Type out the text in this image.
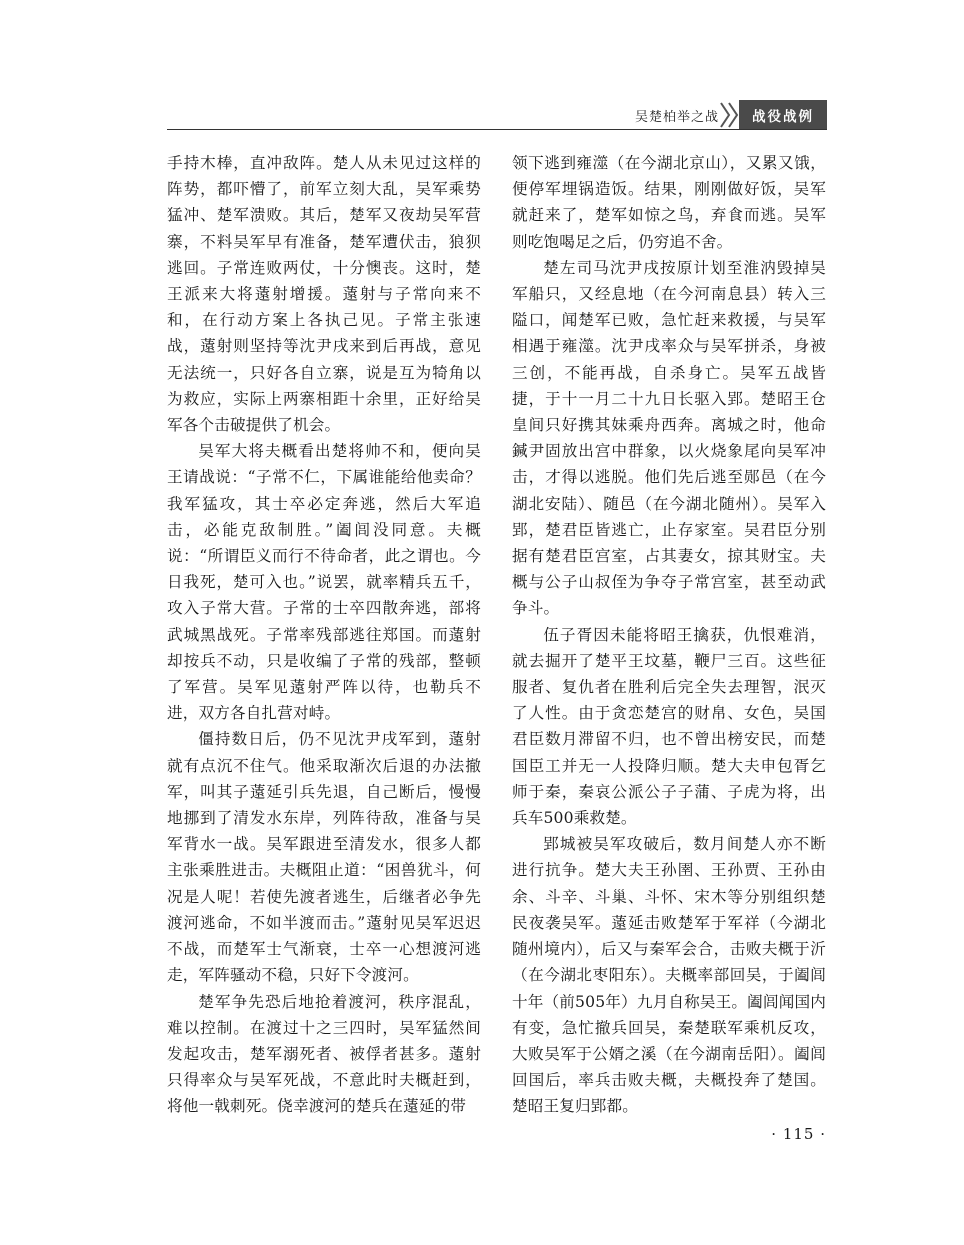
吴楚柏举之战	战役战例

手持木棒，直冲敌阵。楚人从未见过这样的阵势，都吓懵了，前军立刻大乱，吴军乘势猛冲、楚军溃败。其后，楚军又夜劫吴军营寨，不料吴军早有准备，楚军遭伏击，狼狈逃回。子常连败两仗，十分懊丧。这时，楚王派来大将薳射增援。薳射与子常向来不和，在行动方案上各执己见。子常主张速战，薳射则坚持等沈尹戌来到后再战，意见无法统一，只好各自立寨，说是互为犄角以为救应，实际上两寨相距十余里，正好给吴军各个击破提供了机会。

吴军大将夫概看出楚将帅不和，便向吴王请战说：“子常不仁，下属谁能给他卖命？我军猛攻，其士卒必定奔逃，然后大军追击，必能克敌制胜。”阖闾没同意。夫概说：“所谓臣义而行不待命者，此之谓也。今日我死，楚可入也。”说罢，就率精兵五千，攻入子常大营。子常的士卒四散奔逃，部将武城黑战死。子常率残部逃往郑国。而薳射却按兵不动，只是收编了子常的残部，整顿了军营。吴军见薳射严阵以待，也勒兵不进，双方各自扎营对峙。

僵持数日后，仍不见沈尹戌军到，薳射就有点沉不住气。他采取渐次后退的办法撤军，叫其子薳延引兵先退，自己断后，慢慢地挪到了清发水东岸，列阵待敌，准备与吴军背水一战。吴军跟进至清发水，很多人都主张乘胜进击。夫概阻止道：“困兽犹斗，何况是人呢！若使先渡者逃生，后继者必争先渡河逃命，不如半渡而击。”薳射见吴军迟迟不战，而楚军士气渐衰，士卒一心想渡河逃走，军阵骚动不稳，只好下令渡河。

楚军争先恐后地抢着渡河，秩序混乱，难以控制。在渡过十之三四时，吴军猛然间发起攻击，楚军溺死者、被俘者甚多。薳射只得率众与吴军死战，不意此时夫概赶到，将他一戟刺死。侥幸渡河的楚兵在薳延的带

领下逃到雍澨（在今湖北京山），又累又饿，便停军埋锅造饭。结果，刚刚做好饭，吴军就赶来了，楚军如惊之鸟，弃食而逃。吴军则吃饱喝足之后，仍穷追不舍。

楚左司马沈尹戌按原计划至淮汭毁掉吴军船只，又经息地（在今河南息县）转入三隘口，闻楚军已败，急忙赶来救援，与吴军相遇于雍澨。沈尹戌率众与吴军拼杀，身被三创，不能再战，自杀身亡。吴军五战皆捷，于十一月二十九日长驱入郢。楚昭王仓皇间只好携其妹乘舟西奔。离城之时，他命鍼尹固放出宫中群象，以火烧象尾向吴军冲击，才得以逃脱。他们先后逃至郧邑（在今湖北安陆）、随邑（在今湖北随州）。吴军入郢，楚君臣皆逃亡，止存家室。吴君臣分别据有楚君臣宫室，占其妻女，掠其财宝。夫概与公子山叔侄为争夺子常宫室，甚至动武争斗。

伍子胥因未能将昭王擒获，仇恨难消，就去掘开了楚平王坟墓，鞭尸三百。这些征服者、复仇者在胜利后完全失去理智，泯灭了人性。由于贪恋楚宫的财帛、女色，吴国君臣数月滞留不归，也不曾出榜安民，而楚国臣工并无一人投降归顺。楚大夫申包胥乞师于秦，秦哀公派公子子蒲、子虎为将，出兵车500乘救楚。

郢城被吴军攻破后，数月间楚人亦不断进行抗争。楚大夫王孙圉、王孙贾、王孙由余、斗辛、斗巢、斗怀、宋木等分别组织楚民夜袭吴军。薳延击败楚军于军祥（今湖北随州境内），后又与秦军会合，击败夫概于沂（在今湖北枣阳东）。夫概率部回吴，于阖闾十年（前505年）九月自称吴王。阖闾闻国内有变，急忙撤兵回吴，秦楚联军乘机反攻，大败吴军于公婿之溪（在今湖南岳阳）。阖闾回国后，率兵击败夫概，夫概投奔了楚国。楚昭王复归郢都。

· 115 ·
